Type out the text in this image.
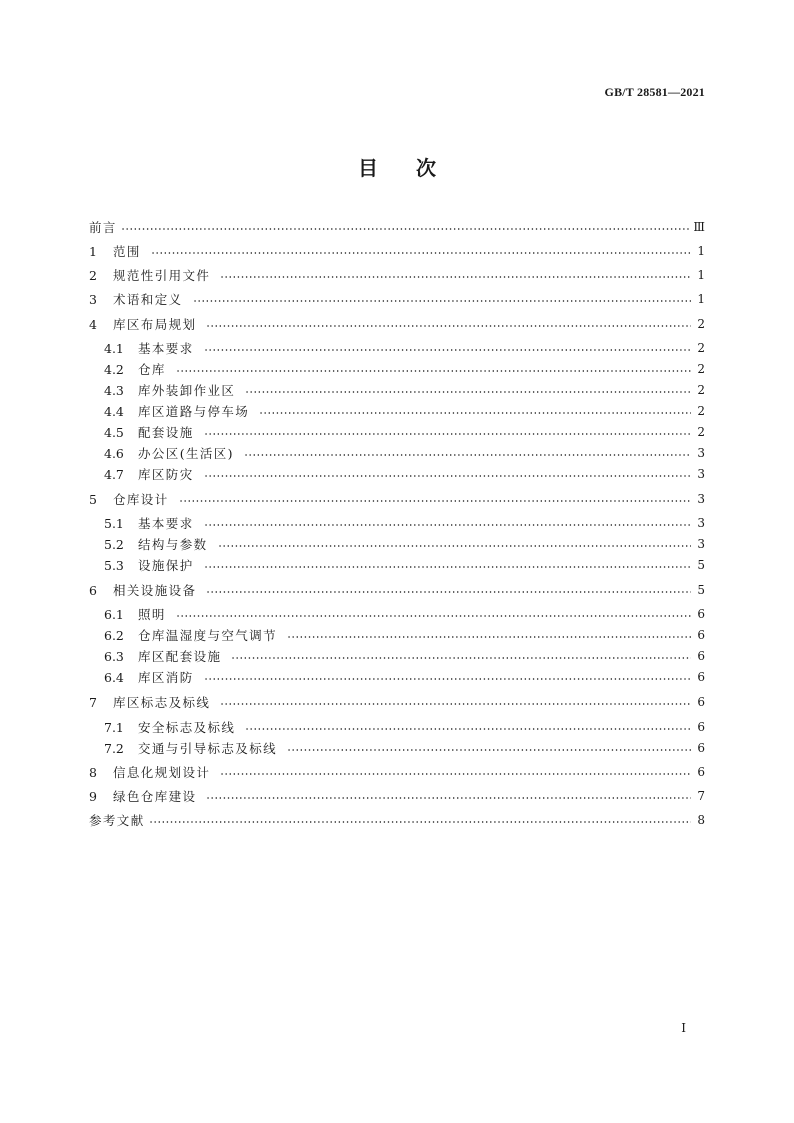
GB/T 28581—2021
目 次
前言	Ⅲ
1	范围	1
2	规范性引用文件	1
3	术语和定义	1
4	库区布局规划	2
4.1	基本要求	2
4.2	仓库	2
4.3	库外装卸作业区	2
4.4	库区道路与停车场	2
4.5	配套设施	2
4.6	办公区(生活区)	3
4.7	库区防灾	3
5	仓库设计	3
5.1	基本要求	3
5.2	结构与参数	3
5.3	设施保护	5
6	相关设施设备	5
6.1	照明	6
6.2	仓库温湿度与空气调节	6
6.3	库区配套设施	6
6.4	库区消防	6
7	库区标志及标线	6
7.1	安全标志及标线	6
7.2	交通与引导标志及标线	6
8	信息化规划设计	6
9	绿色仓库建设	7
参考文献	8
I
